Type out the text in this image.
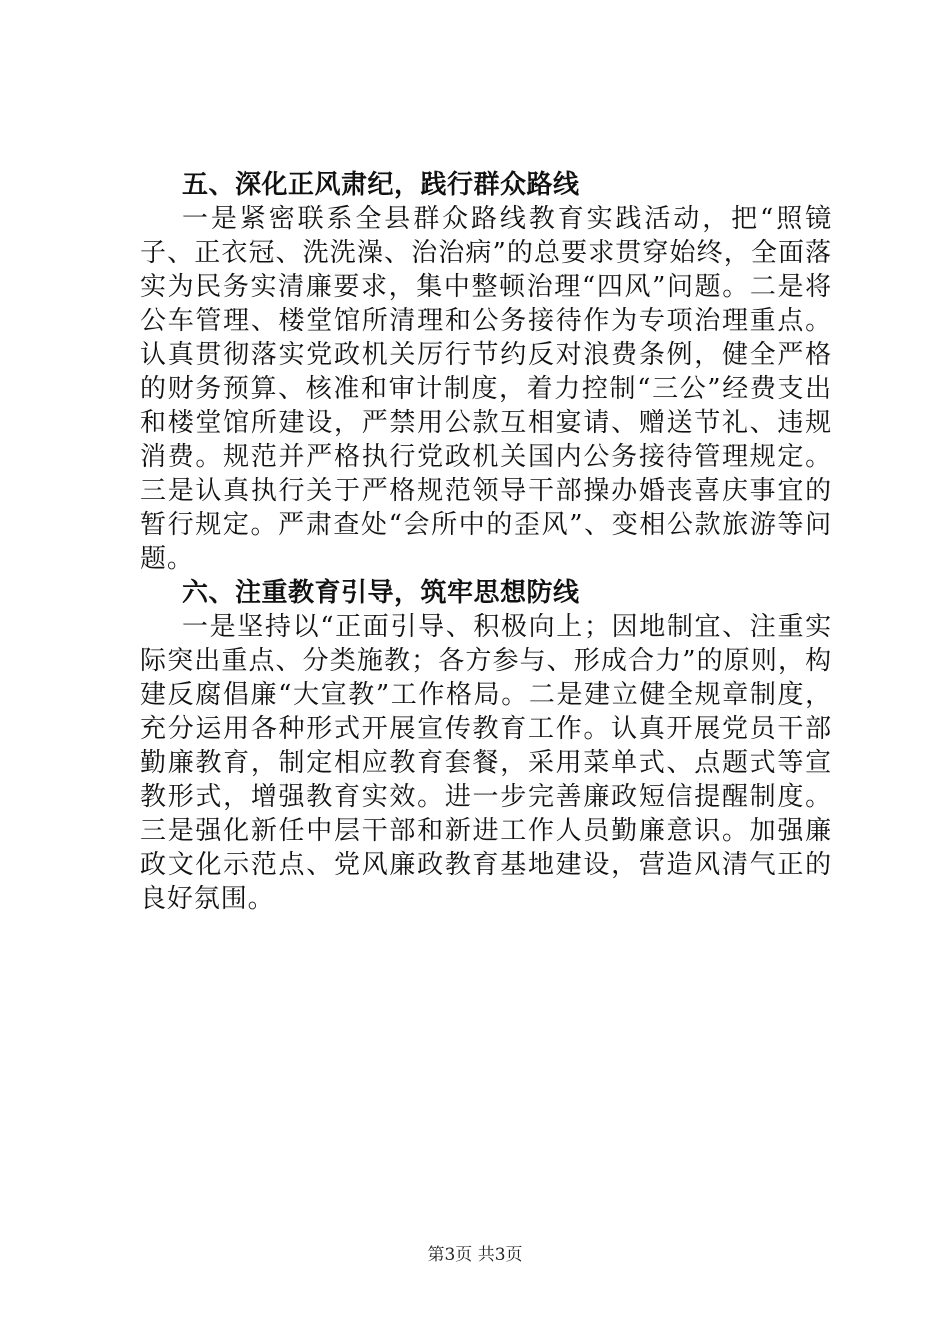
五、深化正风肃纪，践行群众路线

一是紧密联系全县群众路线教育实践活动，把“照镜子、正衣冠、洗洗澡、治治病”的总要求贯穿始终，全面落实为民务实清廉要求，集中整顿治理“四风”问题。二是将公车管理、楼堂馆所清理和公务接待作为专项治理重点。认真贯彻落实党政机关厉行节约反对浪费条例，健全严格的财务预算、核准和审计制度，着力控制“三公”经费支出和楼堂馆所建设，严禁用公款互相宴请、赠送节礼、违规消费。规范并严格执行党政机关国内公务接待管理规定。三是认真执行关于严格规范领导干部操办婚丧喜庆事宜的暂行规定。严肃查处“会所中的歪风”、变相公款旅游等问题。

六、注重教育引导，筑牢思想防线

一是坚持以“正面引导、积极向上；因地制宜、注重实际突出重点、分类施教；各方参与、形成合力”的原则，构建反腐倡廉“大宣教”工作格局。二是建立健全规章制度，充分运用各种形式开展宣传教育工作。认真开展党员干部勤廉教育，制定相应教育套餐，采用菜单式、点题式等宣教形式，增强教育实效。进一步完善廉政短信提醒制度。三是强化新任中层干部和新进工作人员勤廉意识。加强廉政文化示范点、党风廉政教育基地建设，营造风清气正的良好氛围。

第3页 共3页
